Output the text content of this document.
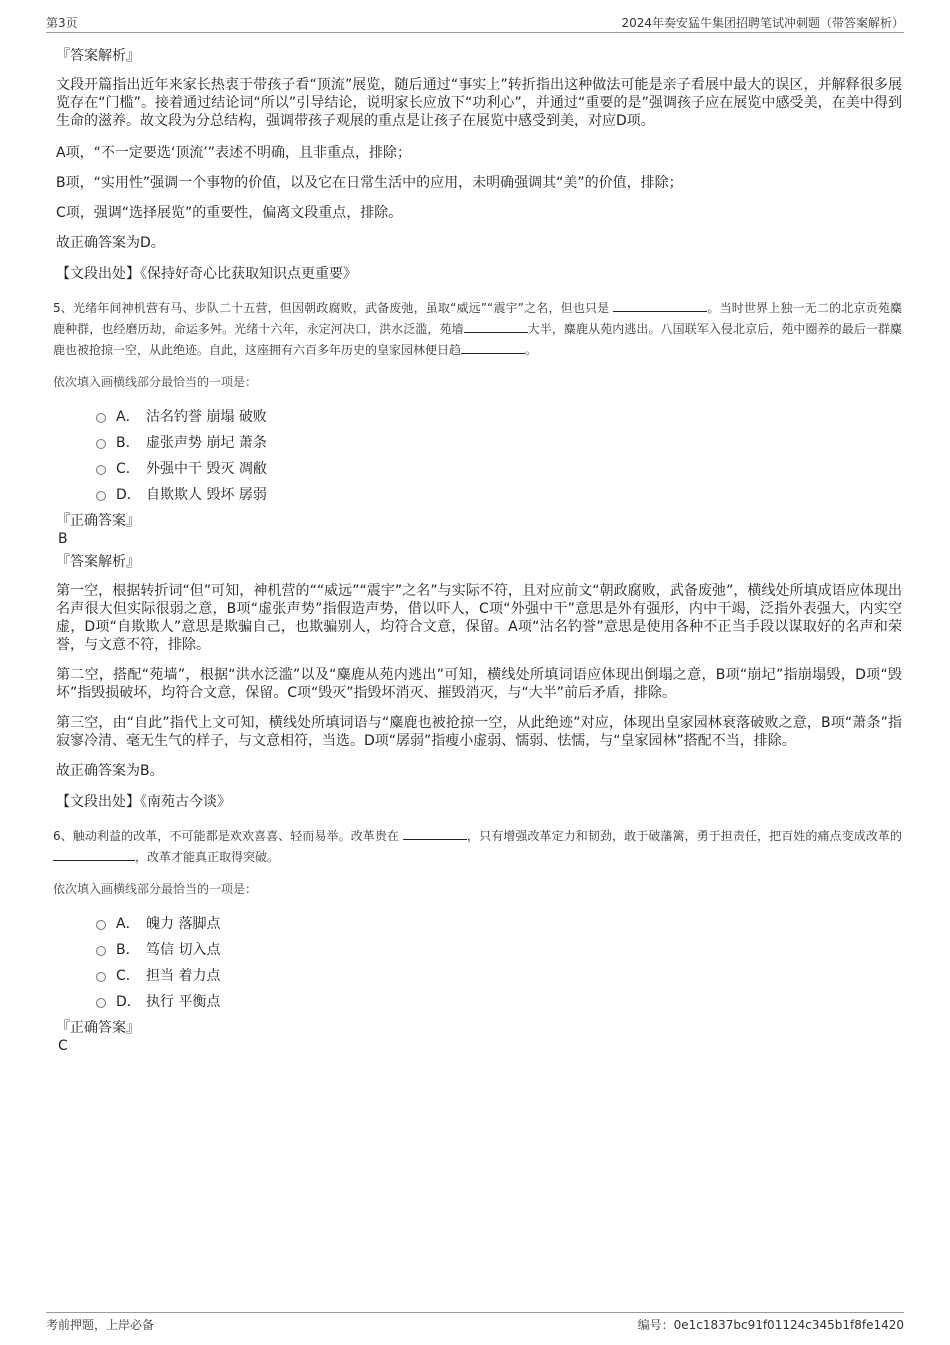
第3页	2024年奏安猛牛集团招聘笔试冲刺题（带答案解析）
『答案解析』

文段开篇指出近年来家长热衷于带孩子看“顶流”展览，随后通过“事实上”转折指出这种做法可能是亲子看展中最大的误区，并解释很多展览存在“门槛”。接着通过结论词“所以”引导结论，说明家长应放下“功利心”，并通过“重要的是”强调孩子应在展览中感受美，在美中得到生命的滋养。故文段为分总结构，强调带孩子观展的重点是让孩子在展览中感受到美，对应D项。

A项，“不一定要选‘顶流’”表述不明确，且非重点，排除；

B项，“实用性”强调一个事物的价值，以及它在日常生活中的应用，未明确强调其“美”的价值，排除；

C项，强调“选择展览”的重要性，偏离文段重点，排除。

故正确答案为D。

【文段出处】《保持好奇心比获取知识点更重要》
5、光绪年间神机营有马、步队二十五营，但因朝政腐败，武备废弛，虽取“威远”“震宇”之名，但也只是	。当时世界上独一无二的北京贡苑麋鹿种群，也经磨历劫，命运多舛。光绪十六年，永定河决口，洪水泛滥，苑墙	大半，麋鹿从苑内逃出。八国联军入侵北京后，苑中圈养的最后一群麋鹿也被抢掠一空，从此绝迹。自此，这座拥有六百多年历史的皇家园林便日趋	。
依次填入画横线部分最恰当的一项是：
A． 沽名钓誉 崩塌 破败
B． 虚张声势 崩圮 萧条
C． 外强中干 毁灭 凋敝
D． 自欺欺人 毁坏 孱弱
『正确答案』
B
『答案解析』

第一空，根据转折词“但”可知，神机营的““威远”“震宇”之名”与实际不符，且对应前文“朝政腐败，武备废弛”，横线处所填成语应体现出名声很大但实际很弱之意，B项“虚张声势”指假造声势，借以吓人，C项“外强中干”意思是外有强形，内中干竭，泛指外表强大，内实空虚，D项“自欺欺人”意思是欺骗自己，也欺骗别人，均符合文意，保留。A项“沽名钓誉”意思是使用各种不正当手段以谋取好的名声和荣誉，与文意不符，排除。

第二空，搭配“苑墙”，根据“洪水泛滥”以及“麋鹿从苑内逃出”可知，横线处所填词语应体现出倒塌之意，B项“崩圮”指崩塌毁，D项“毁坏”指毁损破坏，均符合文意，保留。C项“毁灭”指毁坏消灭、摧毁消灭，与“大半”前后矛盾，排除。

第三空，由“自此”指代上文可知，横线处所填词语与“麋鹿也被抢掠一空，从此绝迹”对应，体现出皇家园林衰落破败之意，B项“萧条”指寂寥冷清、毫无生气的样子，与文意相符，当选。D项“孱弱”指瘦小虚弱、懦弱、怯懦，与“皇家园林”搭配不当，排除。

故正确答案为B。

【文段出处】《南苑古今谈》
6、触动利益的改革，不可能都是欢欢喜喜、轻而易举。改革贵在	，只有增强改革定力和韧劲，敢于破藩篱，勇于担责任，把百姓的痛点变成改革的，改革才能真正取得突破。
依次填入画横线部分最恰当的一项是：
A． 魄力 落脚点
B． 笃信 切入点
C． 担当 着力点
D． 执行 平衡点
『正确答案』
C
考前押题，上岸必备	编号：0e1c1837bc91f01124c345b1f8fe1420
